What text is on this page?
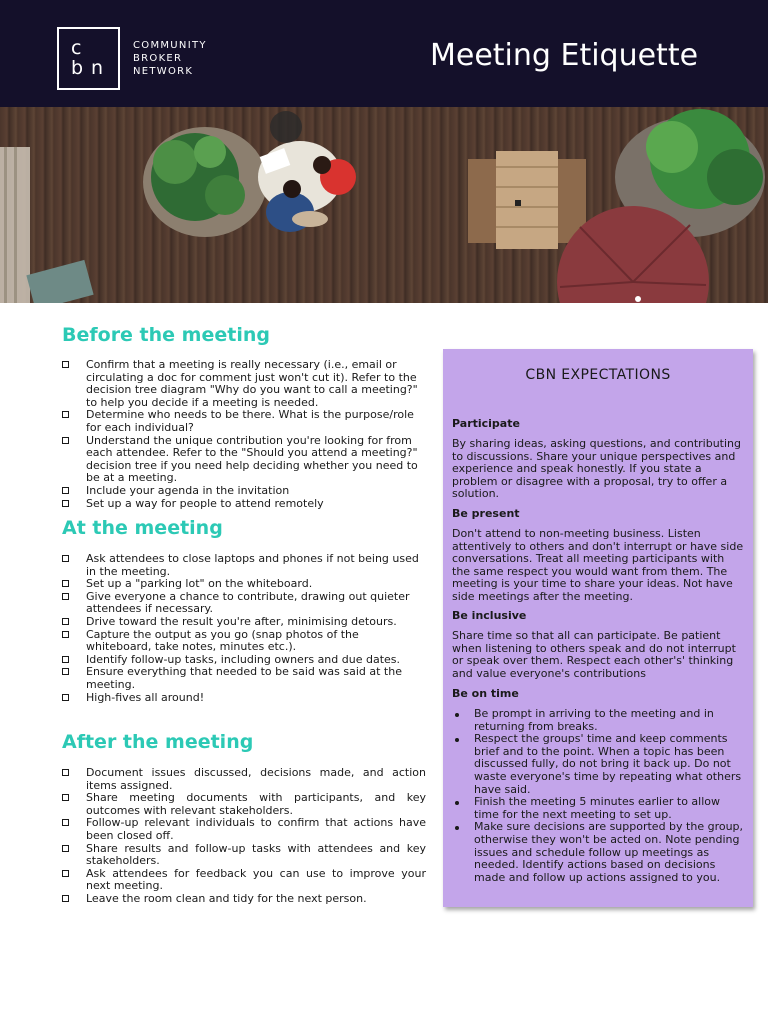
c
b n
COMMUNITY
BROKER
NETWORK	Meeting Etiquette
Before the meeting
Confirm that a meeting is really necessary (i.e., email or circulating a doc for comment just won't cut it). Refer to the decision tree diagram "Why do you want to call a meeting?" to help you decide if a meeting is needed.
Determine who needs to be there. What is the purpose/role for each individual?
Understand the unique contribution you're looking for from each attendee. Refer to the "Should you attend a meeting?" decision tree if you need help deciding whether you need to be at a meeting.
Include your agenda in the invitation
Set up a way for people to attend remotely
At the meeting
Ask attendees to close laptops and phones if not being used in the meeting.
Set up a "parking lot" on the whiteboard.
Give everyone a chance to contribute, drawing out quieter attendees if necessary.
Drive toward the result you're after, minimising detours.
Capture the output as you go (snap photos of the whiteboard, take notes, minutes etc.).
Identify follow-up tasks, including owners and due dates.
Ensure everything that needed to be said was said at the meeting.
High-fives all around!
After the meeting
Document issues discussed, decisions made, and action items assigned.
Share meeting documents with participants, and key outcomes with relevant stakeholders.
Follow-up relevant individuals to confirm that actions have been closed off.
Share results and follow-up tasks with attendees and key stakeholders.
Ask attendees for feedback you can use to improve your next meeting.
Leave the room clean and tidy for the next person.
CBN EXPECTATIONS
Participate
By sharing ideas, asking questions, and contributing to discussions. Share your unique perspectives and experience and speak honestly. If you state a problem or disagree with a proposal, try to offer a solution.
Be present
Don't attend to non-meeting business. Listen attentively to others and don't interrupt or have side conversations. Treat all meeting participants with the same respect you would want from them. The meeting is your time to share your ideas. Not have side meetings after the meeting.
Be inclusive
Share time so that all can participate. Be patient when listening to others speak and do not interrupt or speak over them. Respect each other's' thinking and value everyone's contributions
Be on time
Be prompt in arriving to the meeting and in returning from breaks.
Respect the groups' time and keep comments brief and to the point. When a topic has been discussed fully, do not bring it back up. Do not waste everyone's time by repeating what others have said.
Finish the meeting 5 minutes earlier to allow time for the next meeting to set up.
Make sure decisions are supported by the group, otherwise they won't be acted on. Note pending issues and schedule follow up meetings as needed. Identify actions based on decisions made and follow up actions assigned to you.
